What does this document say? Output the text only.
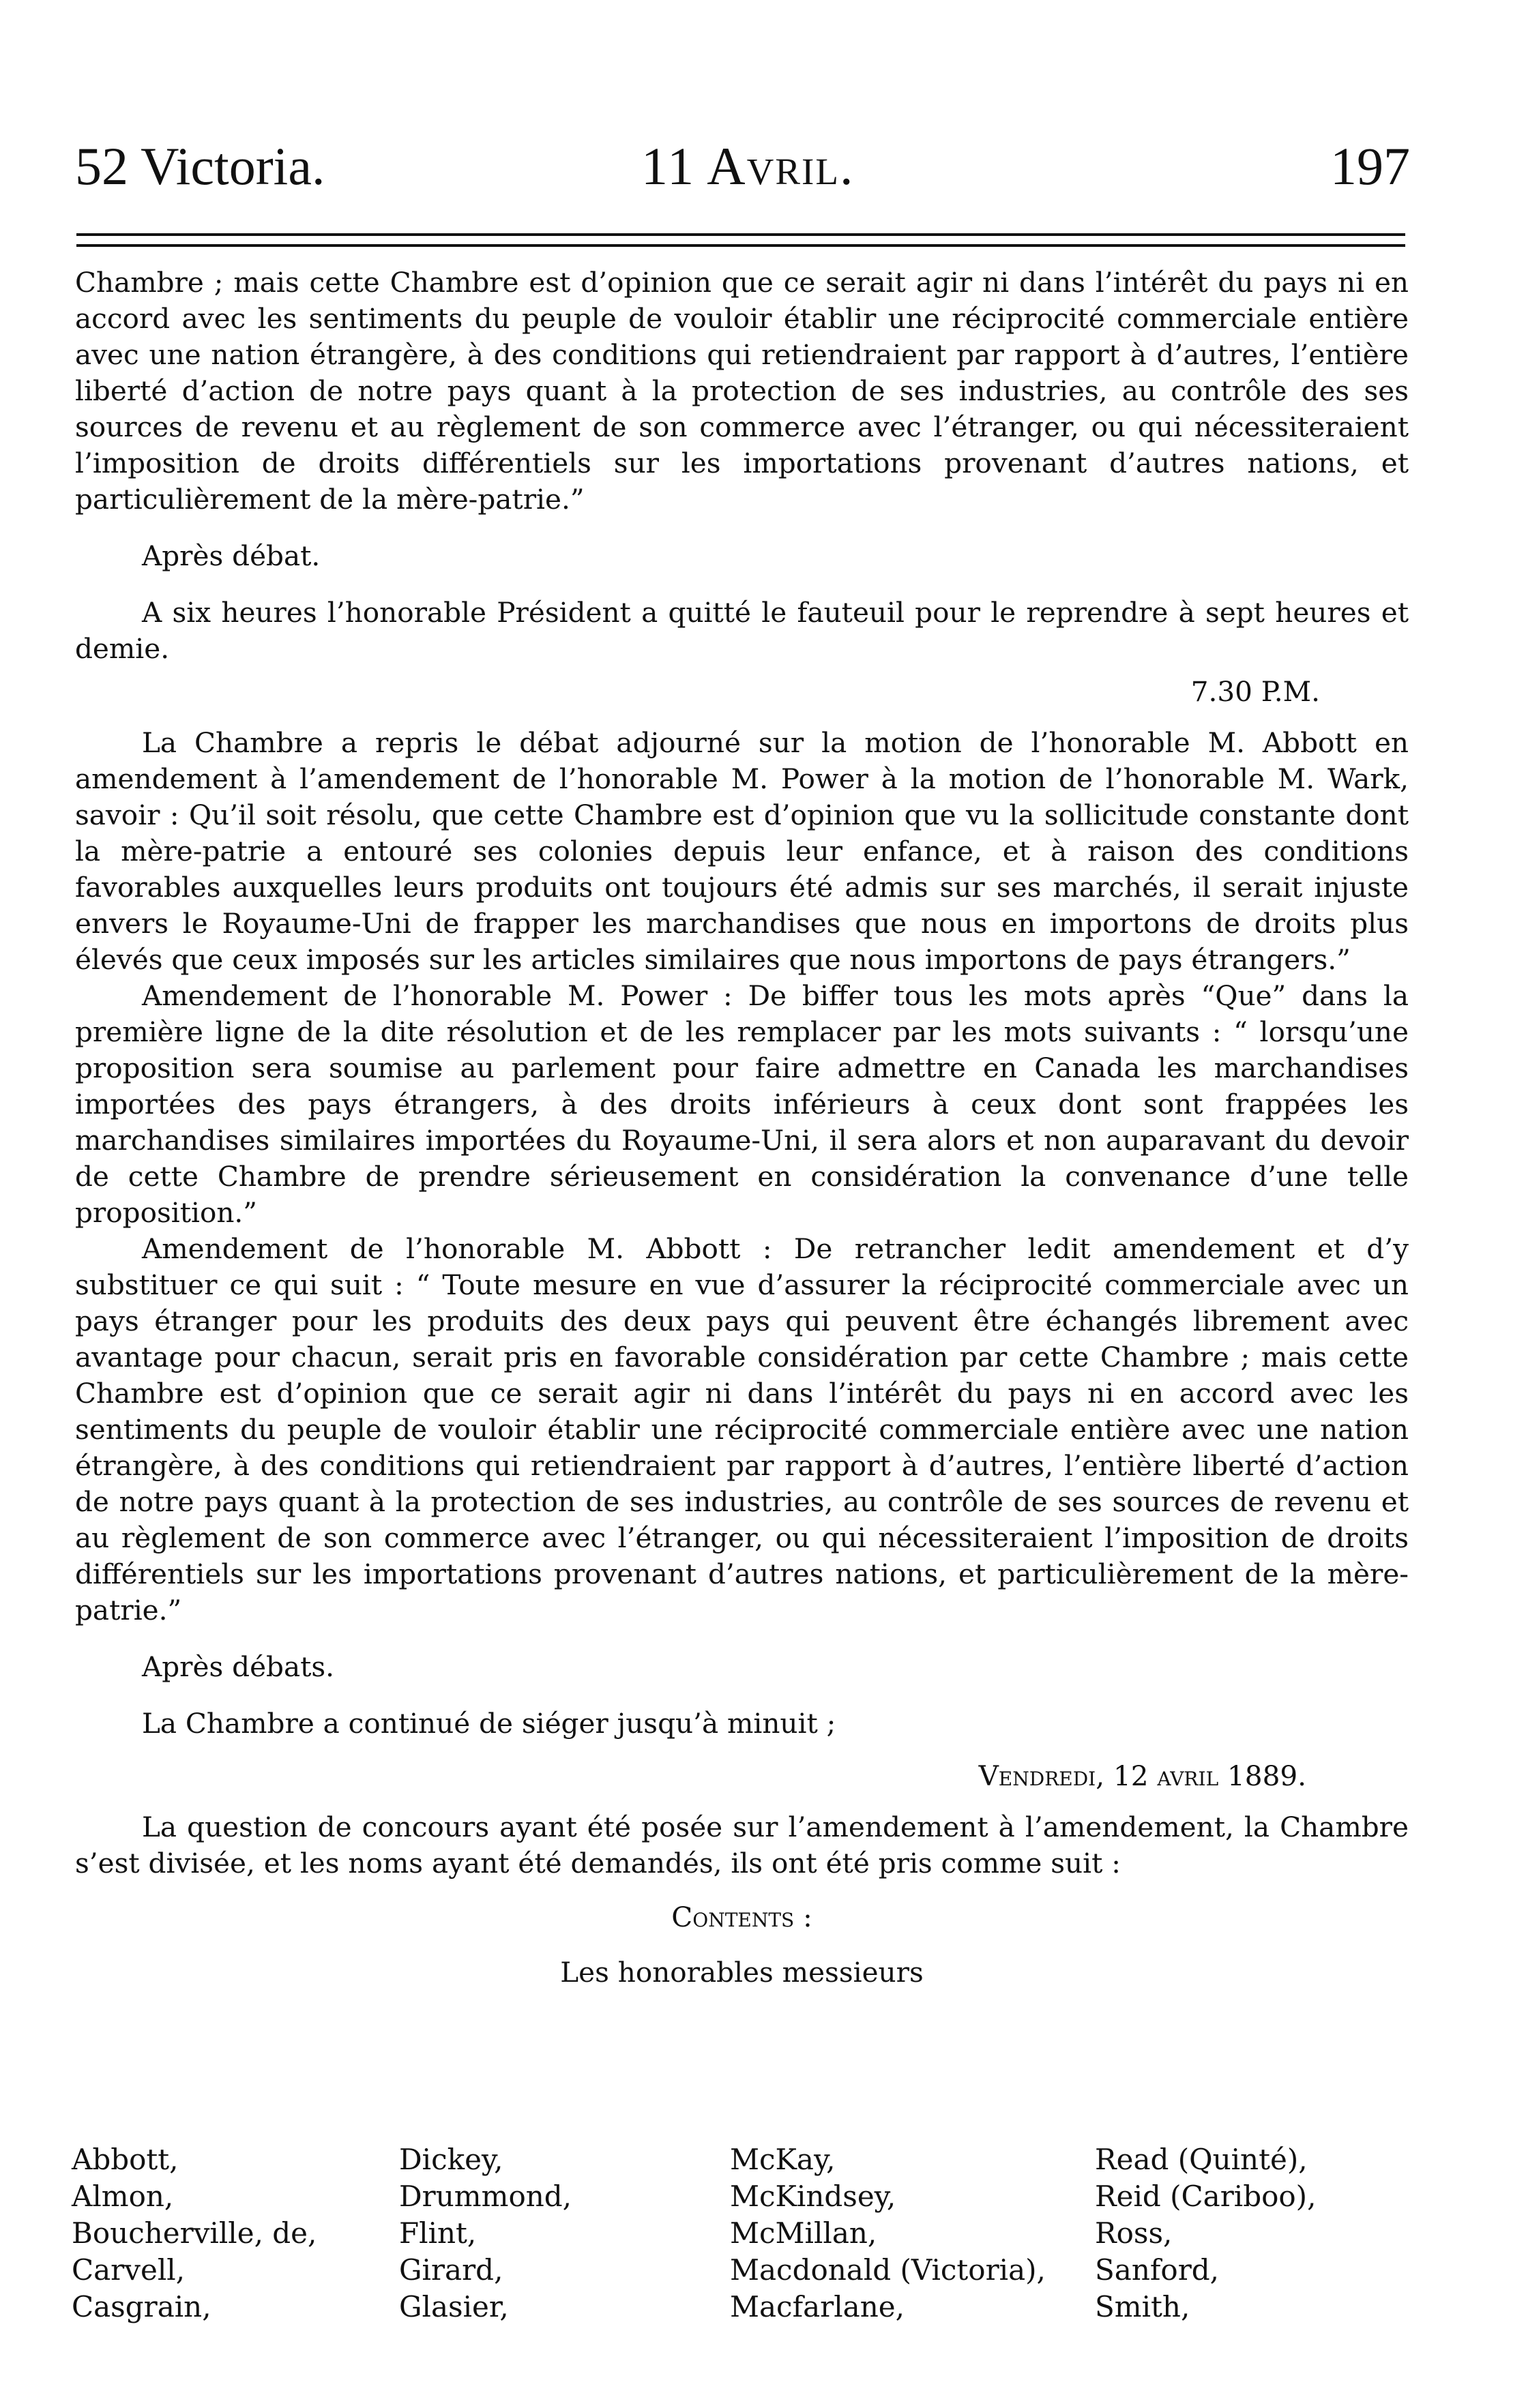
52 Victoria.	11 Avril.	197

Chambre ; mais cette Chambre est d’opinion que ce serait agir ni dans l’intérêt du pays ni en accord avec les sentiments du peuple de vouloir établir une réciprocité commerciale entière avec une nation étrangère, à des conditions qui retiendraient par rapport à d’autres, l’entière liberté d’action de notre pays quant à la protection de ses industries, au contrôle des ses sources de revenu et au règlement de son commerce avec l’étranger, ou qui nécessiteraient l’imposition de droits différentiels sur les importations provenant d’autres nations, et particulièrement de la mère-patrie.”

Après débat.

A six heures l’honorable Président a quitté le fauteuil pour le reprendre à sept heures et demie.

7.30 P.M.

La Chambre a repris le débat adjourné sur la motion de l’honorable M. Abbott en amendement à l’amendement de l’honorable M. Power à la motion de l’honorable M. Wark, savoir : Qu’il soit résolu, que cette Chambre est d’opinion que vu la sollicitude constante dont la mère-patrie a entouré ses colonies depuis leur enfance, et à raison des conditions favorables auxquelles leurs produits ont toujours été admis sur ses marchés, il serait injuste envers le Royaume-Uni de frapper les marchandises que nous en importons de droits plus élevés que ceux imposés sur les articles similaires que nous importons de pays étrangers.”

Amendement de l’honorable M. Power : De biffer tous les mots après “Que” dans la première ligne de la dite résolution et de les remplacer par les mots suivants : “ lorsqu’une proposition sera soumise au parlement pour faire admettre en Canada les marchandises importées des pays étrangers, à des droits inférieurs à ceux dont sont frappées les marchandises similaires importées du Royaume-Uni, il sera alors et non auparavant du devoir de cette Chambre de prendre sérieusement en considération la convenance d’une telle proposition.”

Amendement de l’honorable M. Abbott : De retrancher ledit amendement et d’y substituer ce qui suit : “ Toute mesure en vue d’assurer la réciprocité commerciale avec un pays étranger pour les produits des deux pays qui peuvent être échangés librement avec avantage pour chacun, serait pris en favorable considération par cette Chambre ; mais cette Chambre est d’opinion que ce serait agir ni dans l’intérêt du pays ni en accord avec les sentiments du peuple de vouloir établir une réciprocité commerciale entière avec une nation étrangère, à des conditions qui retiendraient par rapport à d’autres, l’entière liberté d’action de notre pays quant à la protection de ses industries, au contrôle de ses sources de revenu et au règlement de son commerce avec l’étranger, ou qui nécessiteraient l’imposition de droits différentiels sur les importations provenant d’autres nations, et particulièrement de la mère-patrie.”

Après débats.

La Chambre a continué de siéger jusqu’à minuit ;

Vendredi, 12 avril 1889.

La question de concours ayant été posée sur l’amendement à l’amendement, la Chambre s’est divisée, et les noms ayant été demandés, ils ont été pris comme suit :

Contents :

Les honorables messieurs

Abbott,
Almon,
Boucherville, de,
Carvell,
Casgrain,
Dickey,
Drummond,
Flint,
Girard,
Glasier,
McKay,
McKindsey,
McMillan,
Macdonald (Victoria),
Macfarlane,
Read (Quinté),
Reid (Cariboo),
Ross,
Sanford,
Smith,
